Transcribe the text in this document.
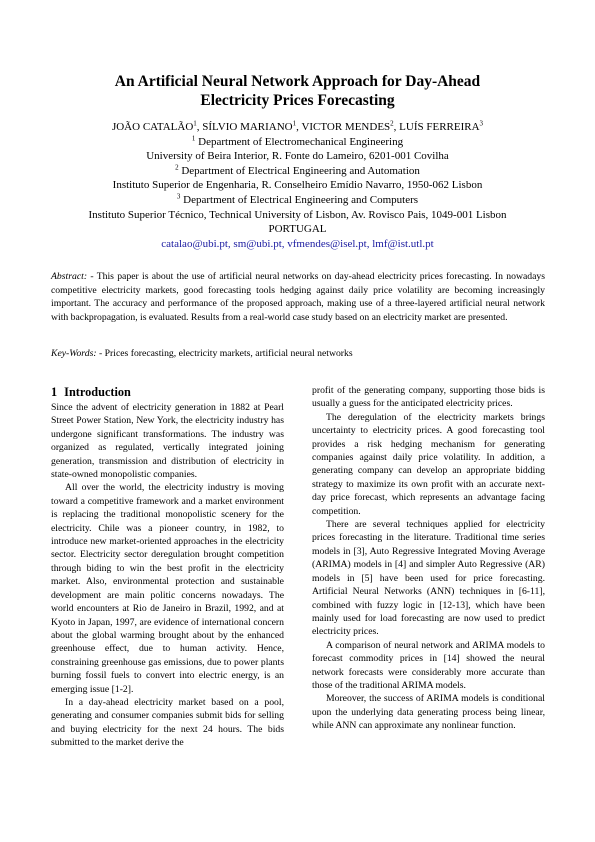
An Artificial Neural Network Approach for Day-Ahead
Electricity Prices Forecasting
JOÃO CATALÃO$^1$, SÍLVIO MARIANO$^1$, VICTOR MENDES$^2$, LUÍS FERREIRA$^3$
$^1$ Department of Electromechanical Engineering
University of Beira Interior, R. Fonte do Lameiro, 6201-001 Covilha
$^2$ Department of Electrical Engineering and Automation
Instituto Superior de Engenharia, R. Conselheiro Emídio Navarro, 1950-062 Lisbon
$^3$ Department of Electrical Engineering and Computers
Instituto Superior Técnico, Technical University of Lisbon, Av. Rovisco Pais, 1049-001 Lisbon
PORTUGAL
catalao@ubi.pt, sm@ubi.pt, vfmendes@isel.pt, lmf@ist.utl.pt

Abstract: - This paper is about the use of artificial neural networks on day-ahead electricity prices forecasting. In nowadays competitive electricity markets, good forecasting tools hedging against daily price volatility are becoming increasingly important. The accuracy and performance of the proposed approach, making use of a three-layered artificial neural network with backpropagation, is evaluated. Results from a real-world case study based on an electricity market are presented.

Key-Words: - Prices forecasting, electricity markets, artificial neural networks
1 Introduction

Since the advent of electricity generation in 1882 at Pearl Street Power Station, New York, the electricity industry has undergone significant transformations. The industry was organized as regulated, vertically integrated joining generation, transmission and distribution of electricity in state-owned monopolistic companies.

All over the world, the electricity industry is moving toward a competitive framework and a market environment is replacing the traditional monopolistic scenery for the electricity. Chile was a pioneer country, in 1982, to introduce new market-oriented approaches in the electricity sector. Electricity sector deregulation brought competition through biding to win the best profit in the electricity market. Also, environmental protection and sustainable development are main politic concerns nowadays. The world encounters at Rio de Janeiro in Brazil, 1992, and at Kyoto in Japan, 1997, are evidence of international concern about the global warming brought about by the enhanced greenhouse effect, due to human activity. Hence, constraining greenhouse gas emissions, due to power plants burning fossil fuels to convert into electric energy, is an emerging issue [1-2].

In a day-ahead electricity market based on a pool, generating and consumer companies submit bids for selling and buying electricity for the next 24 hours. The bids submitted to the market derive the

profit of the generating company, supporting those bids is usually a guess for the anticipated electricity prices.

The deregulation of the electricity markets brings uncertainty to electricity prices. A good forecasting tool provides a risk hedging mechanism for generating companies against daily price volatility. In addition, a generating company can develop an appropriate bidding strategy to maximize its own profit with an accurate next-day price forecast, which represents an advantage facing competition.

There are several techniques applied for electricity prices forecasting in the literature. Traditional time series models in [3], Auto Regressive Integrated Moving Average (ARIMA) models in [4] and simpler Auto Regressive (AR) models in [5] have been used for price forecasting. Artificial Neural Networks (ANN) techniques in [6-11], combined with fuzzy logic in [12-13], which have been mainly used for load forecasting are now used to predict electricity prices.

A comparison of neural network and ARIMA models to forecast commodity prices in [14] showed the neural network forecasts were considerably more accurate than those of the traditional ARIMA models.

Moreover, the success of ARIMA models is conditional upon the underlying data generating process being linear, while ANN can approximate any nonlinear function.
